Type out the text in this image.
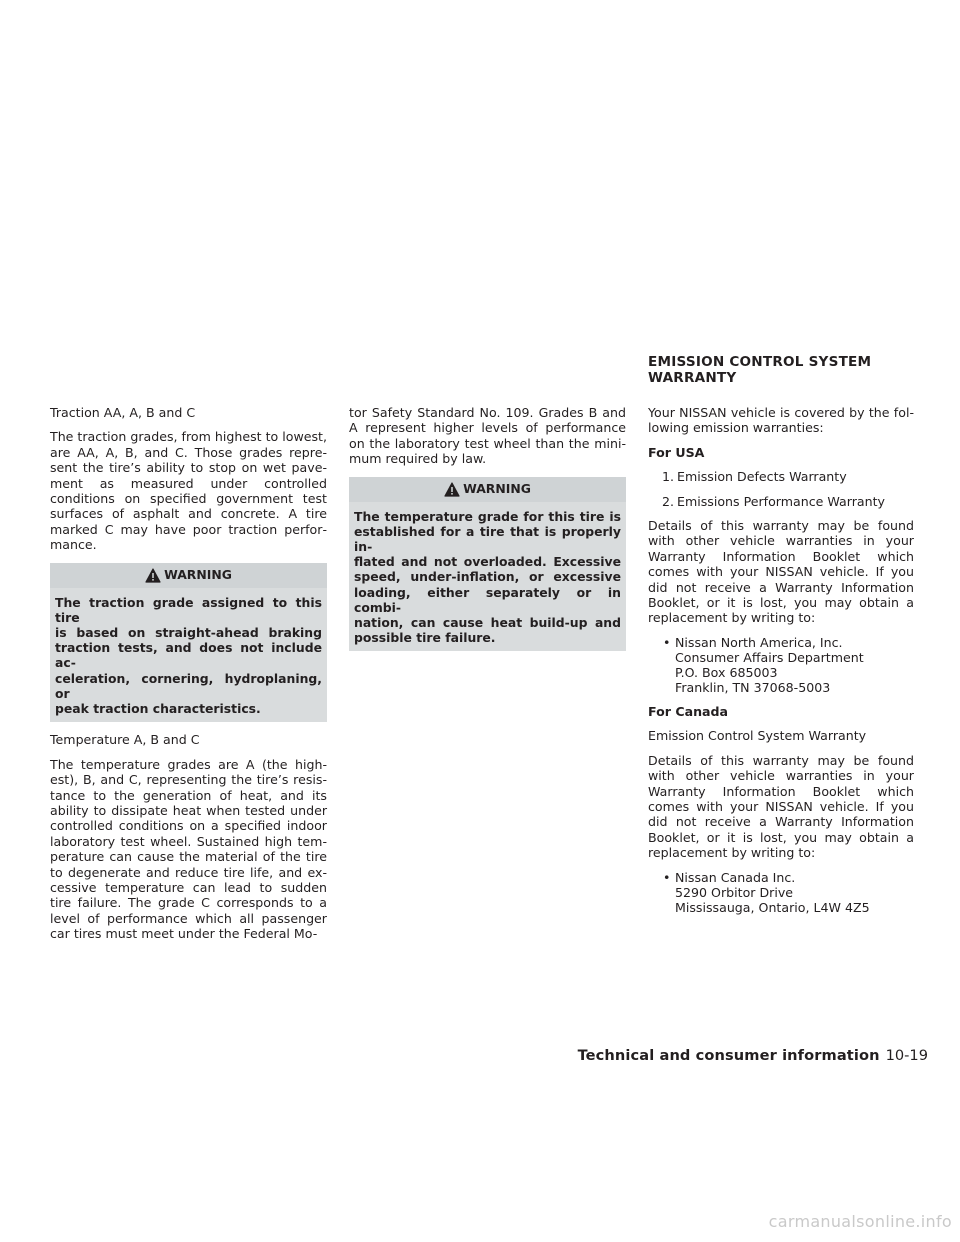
Traction AA, A, B and C

The traction grades, from highest to lowest, are AA, A, B, and C. Those grades represent the tire’s ability to stop on wet pavement as measured under controlled conditions on specified government test surfaces of asphalt and concrete. A tire marked C may have poor traction performance.

WARNING
The traction grade assigned to this tire
is based on straight-ahead braking
traction tests, and does not include ac-
celeration, cornering, hydroplaning, or
peak traction characteristics.

Temperature A, B and C

The temperature grades are A (the highest), B, and C, representing the tire’s resistance to the generation of heat, and its ability to dissipate heat when tested under controlled conditions on a specified indoor laboratory test wheel. Sustained high temperature can cause the material of the tire to degenerate and reduce tire life, and excessive temperature can lead to sudden tire failure. The grade C corresponds to a level of performance which all passenger car tires must meet under the Federal Mo-

tor Safety Standard No. 109. Grades B and A represent higher levels of performance on the laboratory test wheel than the minimum required by law.

WARNING
The temperature grade for this tire is
established for a tire that is properly in-
flated and not overloaded. Excessive
speed, under-inflation, or excessive
loading, either separately or in combi-
nation, can cause heat build-up and
possible tire failure.
EMISSION CONTROL SYSTEM
WARRANTY

Your NISSAN vehicle is covered by the following emission warranties:

For USA

1. Emission Defects Warranty
2. Emissions Performance Warranty

Details of this warranty may be found with other vehicle warranties in your Warranty Information Booklet which comes with your NISSAN vehicle. If you did not receive a Warranty Information Booklet, or it is lost, you may obtain a replacement by writing to:

• Nissan North America, Inc.
Consumer Affairs Department
P.O. Box 685003
Franklin, TN 37068-5003

For Canada

Emission Control System Warranty

Details of this warranty may be found with other vehicle warranties in your Warranty Information Booklet which comes with your NISSAN vehicle. If you did not receive a Warranty Information Booklet, or it is lost, you may obtain a replacement by writing to:

• Nissan Canada Inc.
5290 Orbitor Drive
Mississauga, Ontario, L4W 4Z5
Technical and consumer information 10-19
carmanualsonline.info
